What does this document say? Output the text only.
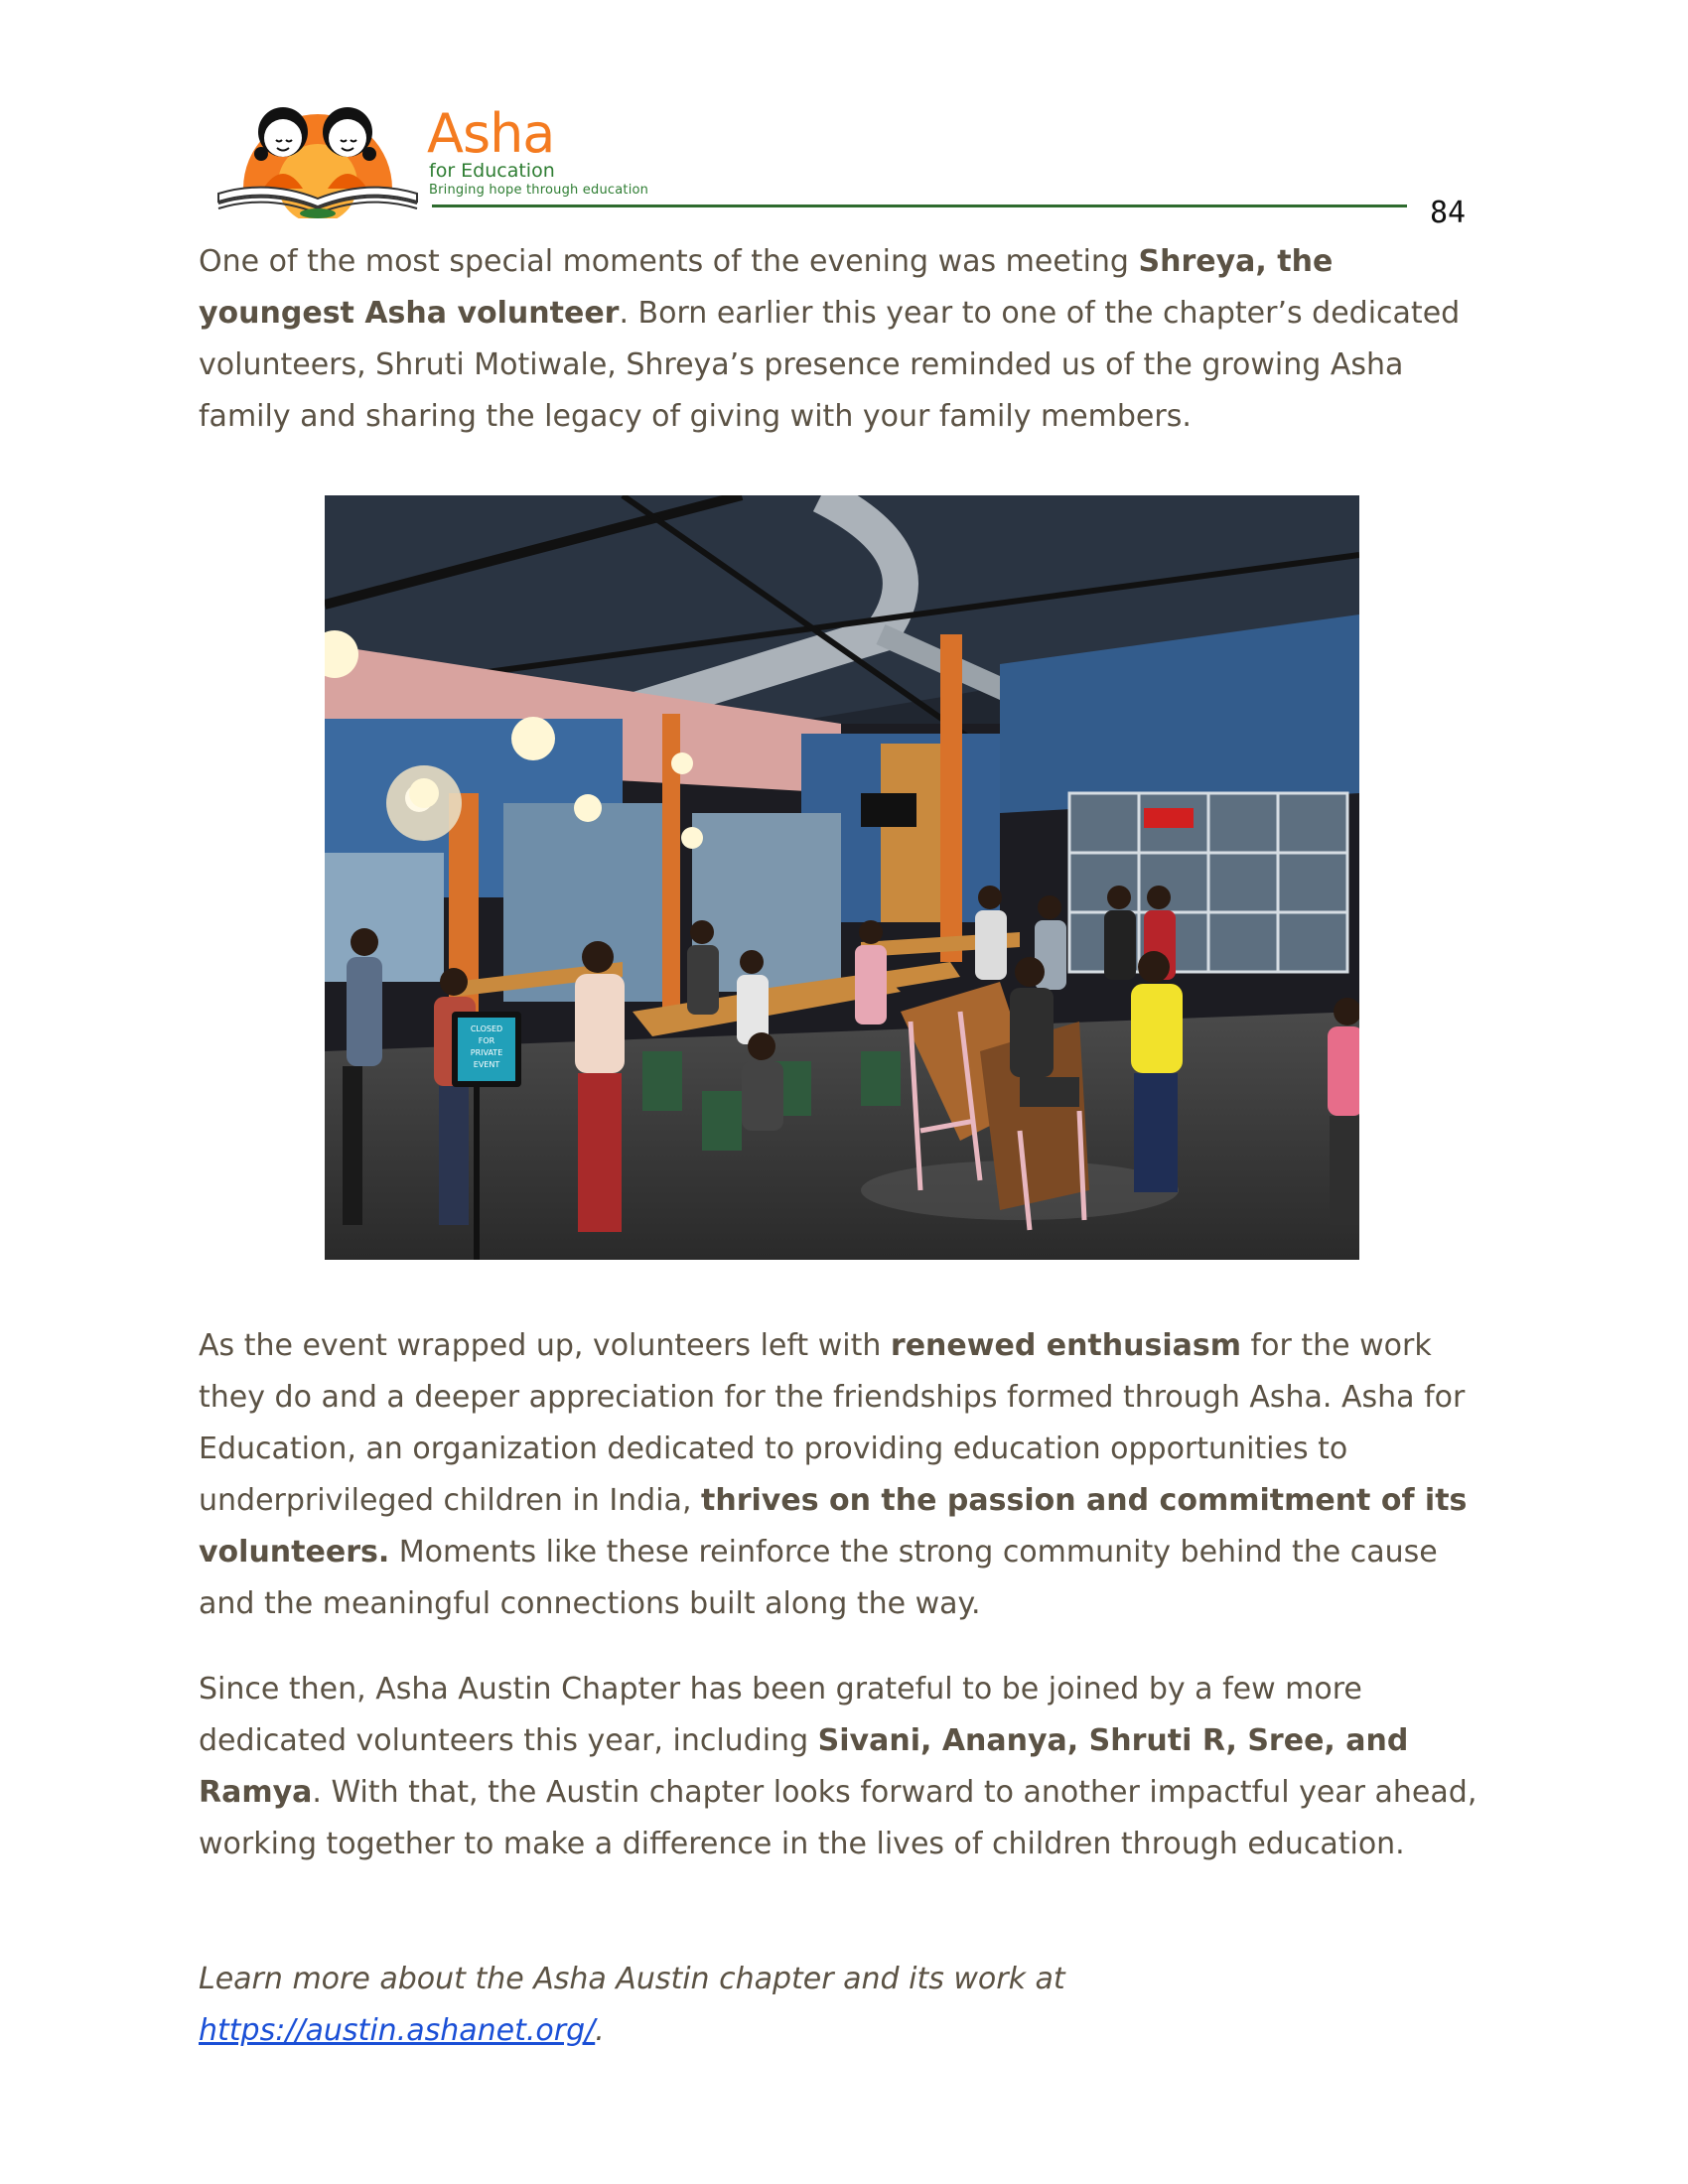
Asha
for Education
Bringing hope through education
84

One of the most special moments of the evening was meeting Shreya, the youngest Asha volunteer. Born earlier this year to one of the chapter’s dedicated volunteers, Shruti Motiwale, Shreya’s presence reminded us of the growing Asha family and sharing the legacy of giving with your family members.

CLOSED
FOR
PRIVATE
EVENT

As the event wrapped up, volunteers left with renewed enthusiasm for the work they do and a deeper appreciation for the friendships formed through Asha. Asha for Education, an organization dedicated to providing education opportunities to underprivileged children in India, thrives on the passion and commitment of its volunteers. Moments like these reinforce the strong community behind the cause and the meaningful connections built along the way.

Since then, Asha Austin Chapter has been grateful to be joined by a few more dedicated volunteers this year, including Sivani, Ananya, Shruti R, Sree, and Ramya. With that, the Austin chapter looks forward to another impactful year ahead, working together to make a difference in the lives of children through education.

Learn more about the Asha Austin chapter and its work at https://austin.ashanet.org/.
